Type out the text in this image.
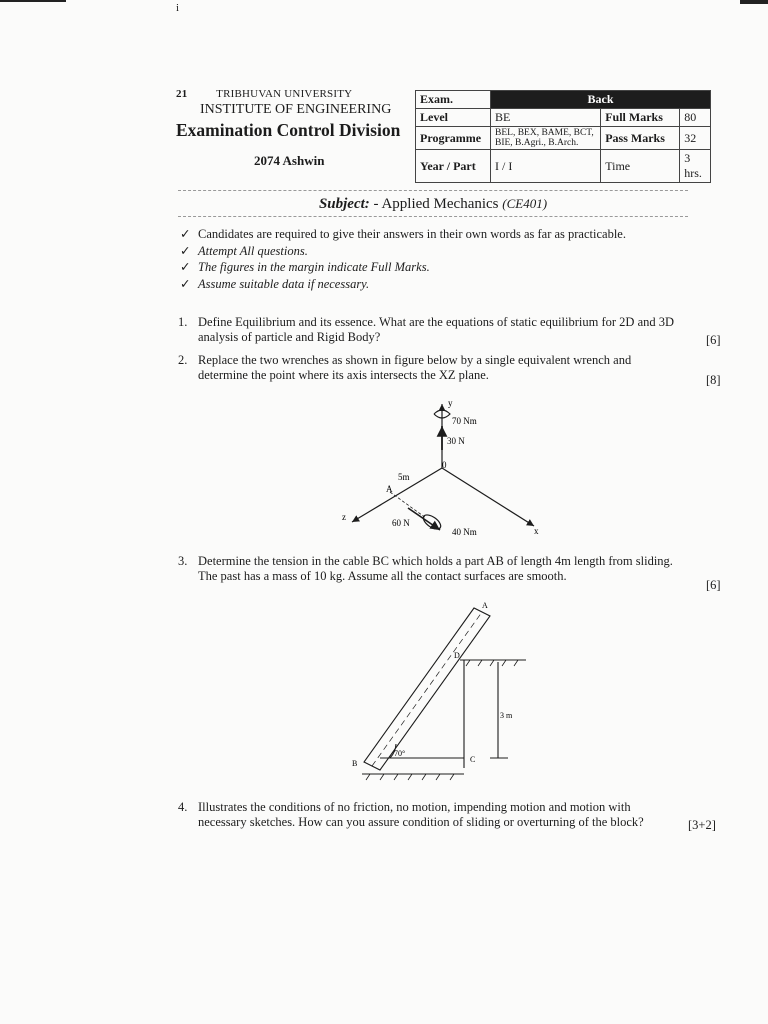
i
21	TRIBHUVAN UNIVERSITY
INSTITUTE OF ENGINEERING
Examination Control Division
2074 Ashwin
Exam.	Back		
Level	BE	Full Marks	80
Programme	BEL, BEX, BAME, BCT, BIE, B.Agri., B.Arch.	Pass Marks	32
Year / Part	I / I	Time	3 hrs.
Subject: - Applied Mechanics (CE401)
✓ Candidates are required to give their answers in their own words as far as practicable.
✓ Attempt All questions.
✓ The figures in the margin indicate Full Marks.
✓ Assume suitable data if necessary.
1. Define Equilibrium and its essence. What are the equations of static equilibrium for 2D and 3D analysis of particle and Rigid Body?	[6]
2. Replace the two wrenches as shown in figure below by a single equivalent wrench and determine the point where its axis intersects the XZ plane.	[8]
y
70 Nm
30 N
0
5m
A
z
60 N
40 Nm	x
3. Determine the tension in the cable BC which holds a part AB of length 4m length from sliding. The past has a mass of 10 kg. Assume all the contact surfaces are smooth.
[6]
A
D
B	C
70°
3 m
4. Illustrates the conditions of no friction, no motion, impending motion and motion with necessary sketches. How can you assure condition of sliding or overturning of the block?	[3+2]
